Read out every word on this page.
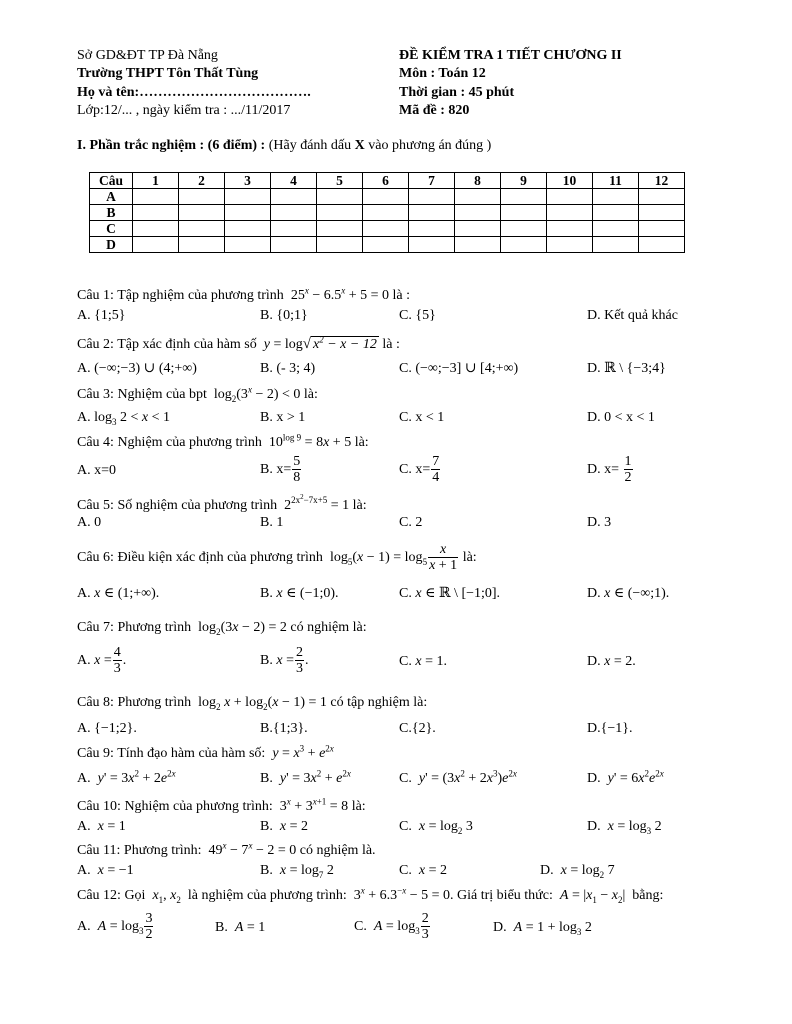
Sở GD&ĐT TP Đà Nẵng
Trường THPT Tôn Thất Tùng
Họ và tên:……………………………….
Lớp:12/... , ngày kiểm tra : .../11/2017
ĐỀ KIỂM TRA 1 TIẾT CHƯƠNG II
Môn : Toán 12
Thời gian : 45 phút
Mã đề : 820
I. Phần trắc nghiệm : (6 điểm) : (Hãy đánh dấu X vào phương án đúng )
Câu	1	2	3	4	5	6	7	8	9	10	11	12
A												
B												
C												
D												
Câu 1: Tập nghiệm của phương trình  $25^x - 6.5^x + 5 = 0$ là :
A. {1;5}	B. {0;1}	C. {5}	D. Kết quả khác
Câu 2: Tập xác định của hàm số y = log√ $x^2 - x - 12$ là :
A. (−∞;−3) ∪ (4;+∞)	B. (- 3; 4)	C. (−∞;−3] ∪ [4;+∞)	D. ℝ \ {−3;4}
Câu 3: Nghiệm của bpt  $\log_2(3^x - 2) < 0$ là:
A. $\log_3 2 < x < 1$	B. x > 1	C. x < 1	D. 0 < x < 1
Câu 4: Nghiệm của phương trình  $10^{log 9} = 8x + 5$ là:
A. x=0	B. $x= \frac{5}{8}$	C. $x= \frac{7}{4}$	D. $x= \frac{1}{2}$
Câu 5: Số nghiệm của phương trình  $2^{2x^2-7x+5} = 1$ là:
A. 0	B. 1	C. 2	D. 3
Câu 6: Điều kiện xác định của phương trình  $\log_5(x - 1) = \log_5 \frac{x}{x + 1}$ là:
A. x ∈ (1;+∞).	B. x ∈ (−1;0).	C. x ∈ ℝ \ [−1;0].	D. x ∈ (−∞;1).
Câu 7: Phương trình  $\log_2(3x - 2) = 2$ có nghiệm là:
A. $x = \frac{4}{3}$ .	B. $x = \frac{2}{3}$ .	C. x = 1.	D. x = 2.
Câu 8: Phương trình  $\log_2 x + \log_2(x - 1) = 1$ có tập nghiệm là:
A. {−1;2}.	B.{1;3}.	C.{2}.	D.{−1}.
Câu 9: Tính đạo hàm của hàm số: $y = x^3 + e^{2x}$
A. $y' = 3x^2 + 2e^{2x}$	B. $y' = 3x^2 + e^{2x}$	C. $y' = (3x^2 + 2x^3)e^{2x}$	D. $y' = 6x^2e^{2x}$
Câu 10: Nghiệm của phương trình:  $3^x + 3^{x+1} = 8$ là:
A. x = 1	B. x = 2	C. $x = \log_2 3$	D. $x = \log_3 2$
Câu 11: Phương trình:  $49^x - 7^x - 2 = 0$ có nghiệm là.
A. x = −1	B. $x = \log_7 2$	C. x = 2	D. $x = \log_2 7$
Câu 12: Gọi $x_1$, $x_2$ là nghiệm của phương trình:  $3^x + 6.3^{-x} - 5 = 0$. Giá trị biểu thức: $A = |x_1 - x_2|$  bằng:
A. $A = \log_3 \frac{3}{2}$	B. A = 1	C. $A = \log_3 \frac{2}{3}$	D. $A = 1 + \log_3 2$
